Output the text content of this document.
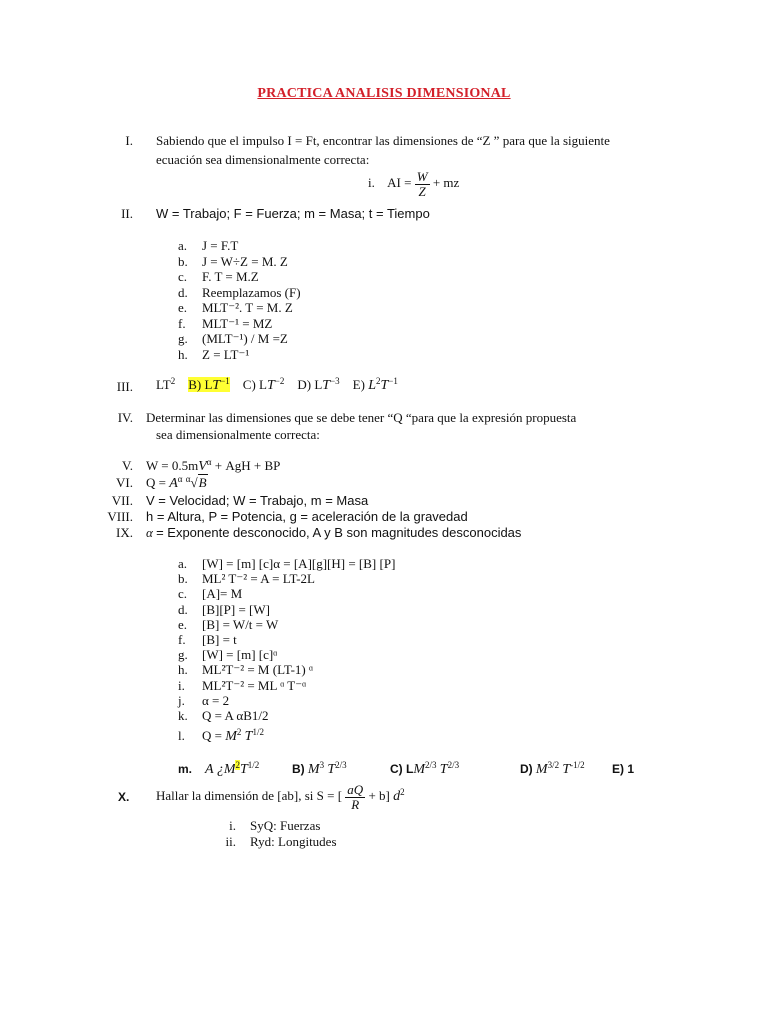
PRACTICA ANALISIS DIMENSIONAL
I. Sabiendo que el impulso I = Ft, encontrar las dimensiones de “Z ” para que la siguiente
ecuación sea dimensionalmente correcta:
i. AI = $\frac{W}{Z}$ + mz
II. W = Trabajo; F = Fuerza; m = Masa; t = Tiempo
a. J = F.T
b. J = W÷Z = M. Z
c. F. T = M.Z
d. Reemplazamos (F)
e. MLT⁻². T = M. Z
f. MLT⁻¹ = MZ
g. (MLT⁻¹) / M =Z
h. Z = LT⁻¹
III. $LT^2$ B) $LT^{-1}$ C) $LT^{-2}$ D) $LT^{-3}$ E) $L^2T^{-1}$
IV. Determinar las dimensiones que se debe tener “Q “para que la expresión propuesta
sea dimensionalmente correcta:
V. $W = 0.5mV^\alpha$ + AgH + BP
VI. $Q = A^\alpha$ $^\alpha$√B
VII. V = Velocidad; W = Trabajo, m = Masa
VIII. h = Altura, P = Potencia, g = aceleración de la gravedad
IX. α = Exponente desconocido, A y B son magnitudes desconocidas
a. [W] = [m] [c]α = [A][g][H] = [B] [P]
b. ML² T⁻² = A = LT-2L
c. [A]= M
d. [B][P] = [W]
e. [B] = W/t = W
f. [B] = t
g. [W] = [m] [c]ᵅ
h. ML²T⁻² = M (LT-1) ᵅ
i. ML²T⁻² = ML ᵅ T⁻ᵅ
j. α = 2
k. Q = A αB1/2
l. $Q = M^2$ $T^{1/2}$
m. A ¿$M^2T^{1/2}$	B) $M^3$ $T^{2/3}$	C) $LM^{2/3}$ $T^{2/3}$	D) $M^{3/2}$ $T^{-1/2}$ E) 1
X. Hallar la dimensión de [ab], si S = [ $\frac{aQ}{R} + b$] $d^2$
i. SyQ: Fuerzas
ii. Ryd: Longitudes
